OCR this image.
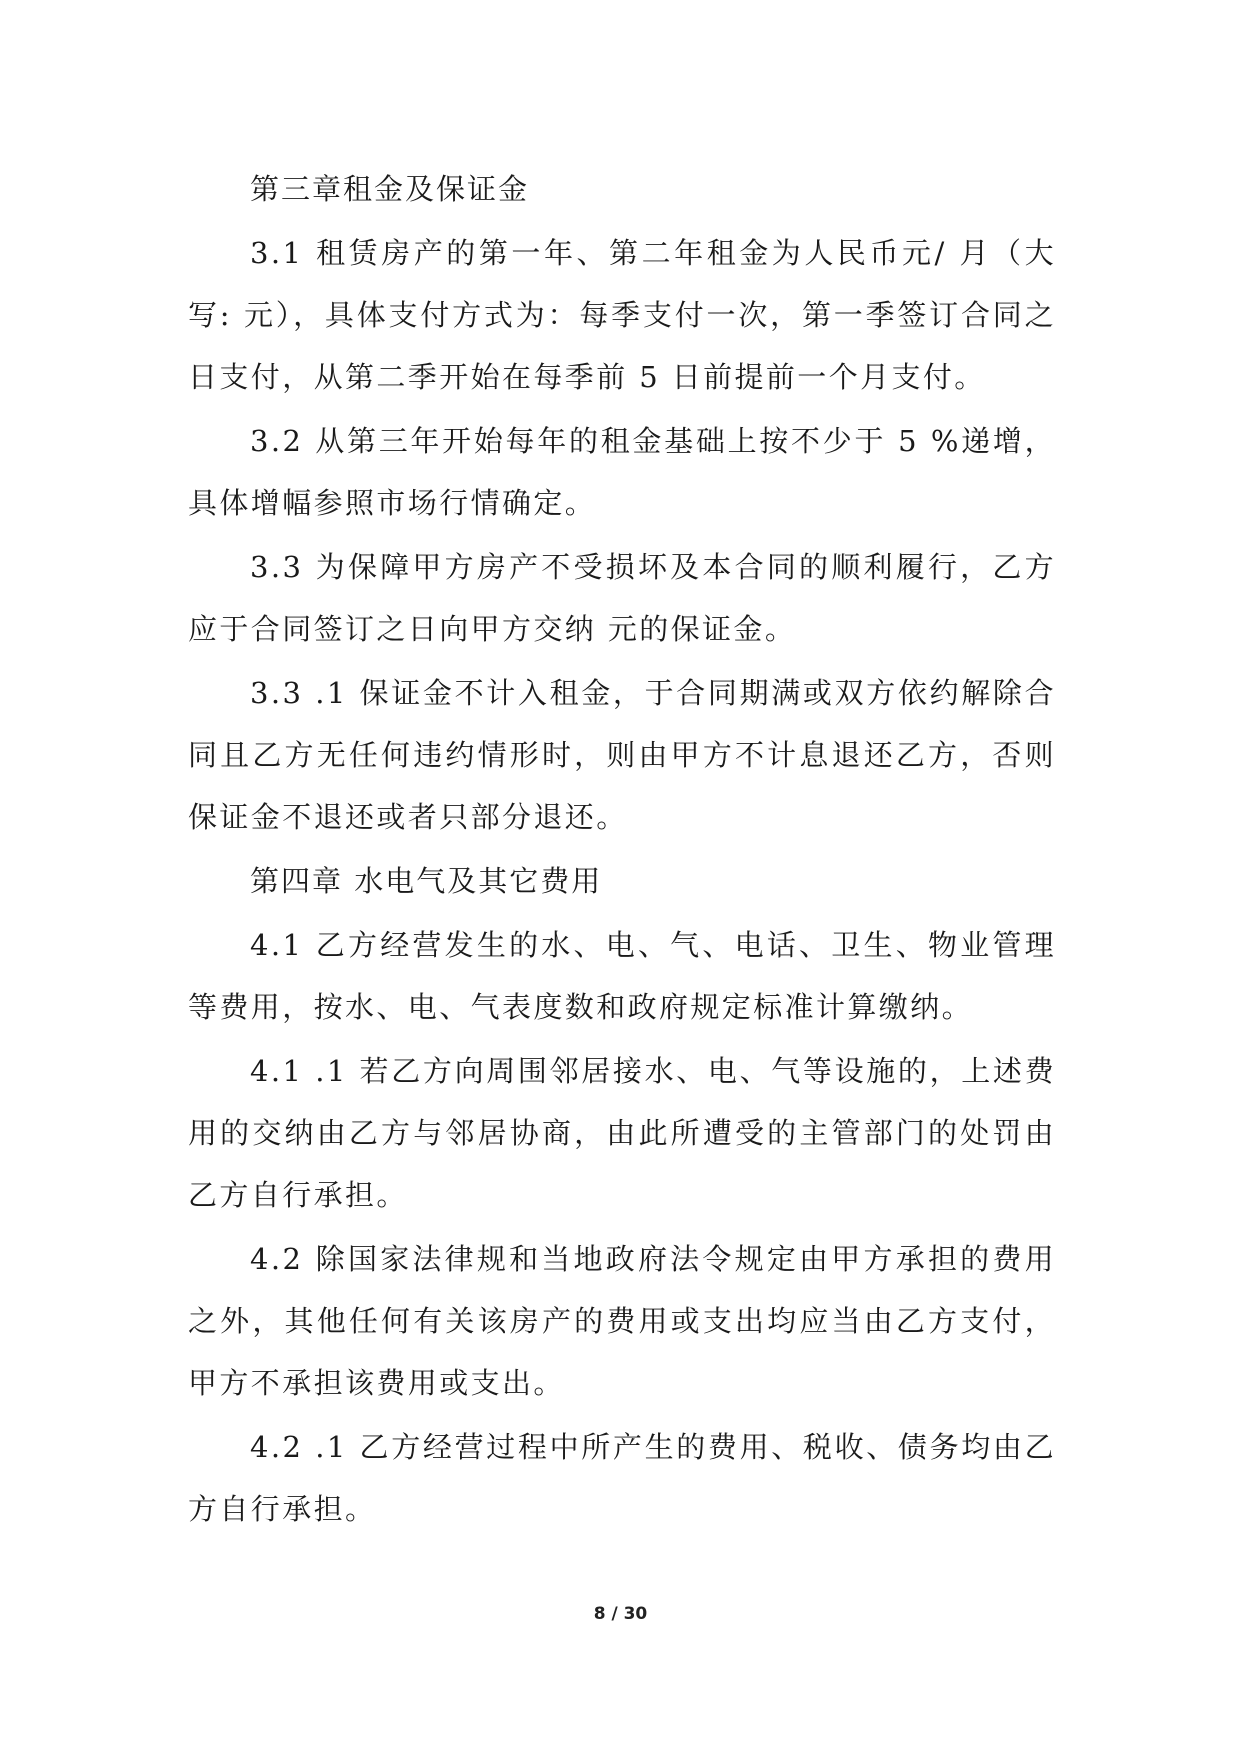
第三章租金及保证金

3.1 租赁房产的第一年、第二年租金为人民币元/ 月（大写: 元），具体支付方式为：每季支付一次，第一季签订合同之日支付，从第二季开始在每季前 5 日前提前一个月支付。

3.2 从第三年开始每年的租金基础上按不少于 5 %递增，具体增幅参照市场行情确定。

3.3 为保障甲方房产不受损坏及本合同的顺利履行，乙方应于合同签订之日向甲方交纳 元的保证金。

3.3 .1 保证金不计入租金，于合同期满或双方依约解除合同且乙方无任何违约情形时，则由甲方不计息退还乙方，否则保证金不退还或者只部分退还。

第四章 水电气及其它费用

4.1 乙方经营发生的水、电、气、电话、卫生、物业管理等费用，按水、电、气表度数和政府规定标准计算缴纳。

4.1 .1 若乙方向周围邻居接水、电、气等设施的，上述费用的交纳由乙方与邻居协商，由此所遭受的主管部门的处罚由乙方自行承担。

4.2 除国家法律规和当地政府法令规定由甲方承担的费用之外，其他任何有关该房产的费用或支出均应当由乙方支付，甲方不承担该费用或支出。

4.2 .1 乙方经营过程中所产生的费用、税收、债务均由乙方自行承担。

8 / 30
